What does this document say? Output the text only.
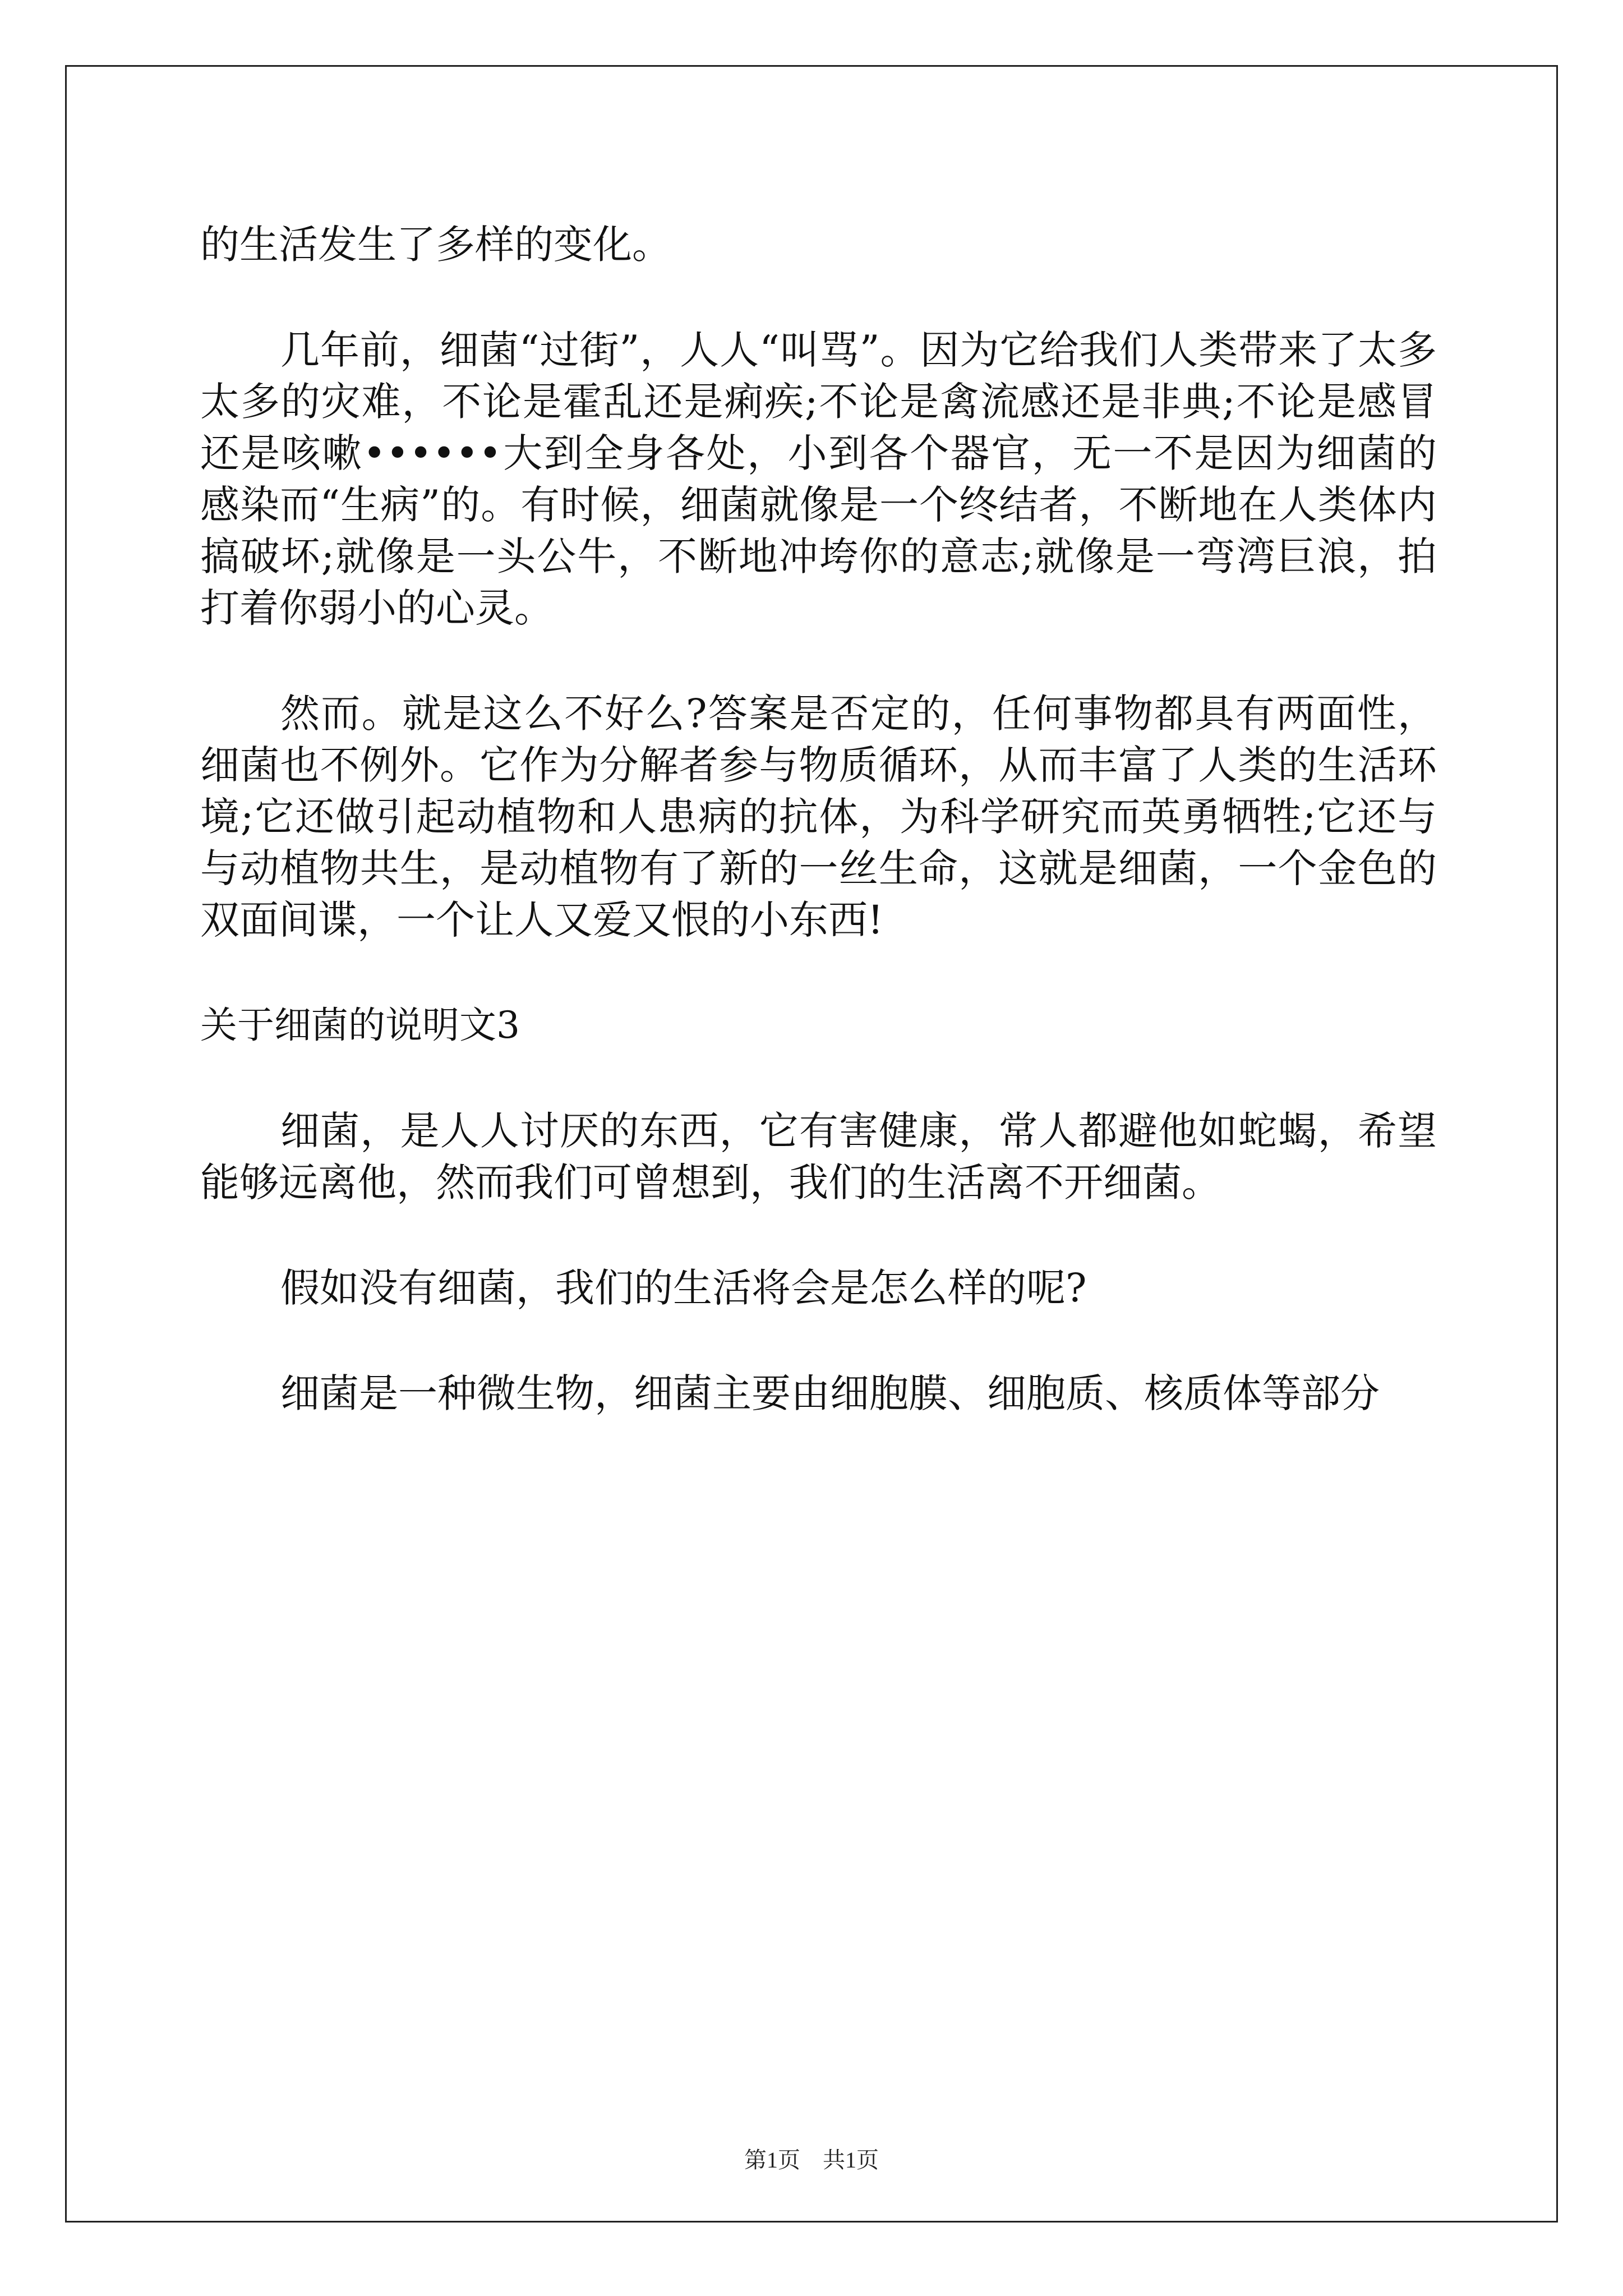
的生活发生了多样的变化。

几年前，细菌“过街”，人人“叫骂”。因为它给我们人类带来了太多太多的灾难，不论是霍乱还是痢疾;不论是禽流感还是非典;不论是感冒还是咳嗽••••••大到全身各处，小到各个器官，无一不是因为细菌的感染而“生病”的。有时候，细菌就像是一个终结者，不断地在人类体内搞破坏;就像是一头公牛，不断地冲垮你的意志;就像是一弯湾巨浪，拍打着你弱小的心灵。

然而。就是这么不好么?答案是否定的，任何事物都具有两面性，细菌也不例外。它作为分解者参与物质循环，从而丰富了人类的生活环境;它还做引起动植物和人患病的抗体，为科学研究而英勇牺牲;它还与与动植物共生，是动植物有了新的一丝生命，这就是细菌，一个金色的双面间谍，一个让人又爱又恨的小东西!

关于细菌的说明文3

细菌，是人人讨厌的东西，它有害健康，常人都避他如蛇蝎，希望能够远离他，然而我们可曾想到，我们的生活离不开细菌。

假如没有细菌，我们的生活将会是怎么样的呢?

细菌是一种微生物，细菌主要由细胞膜、细胞质、核质体等部分

第1页 共1页
